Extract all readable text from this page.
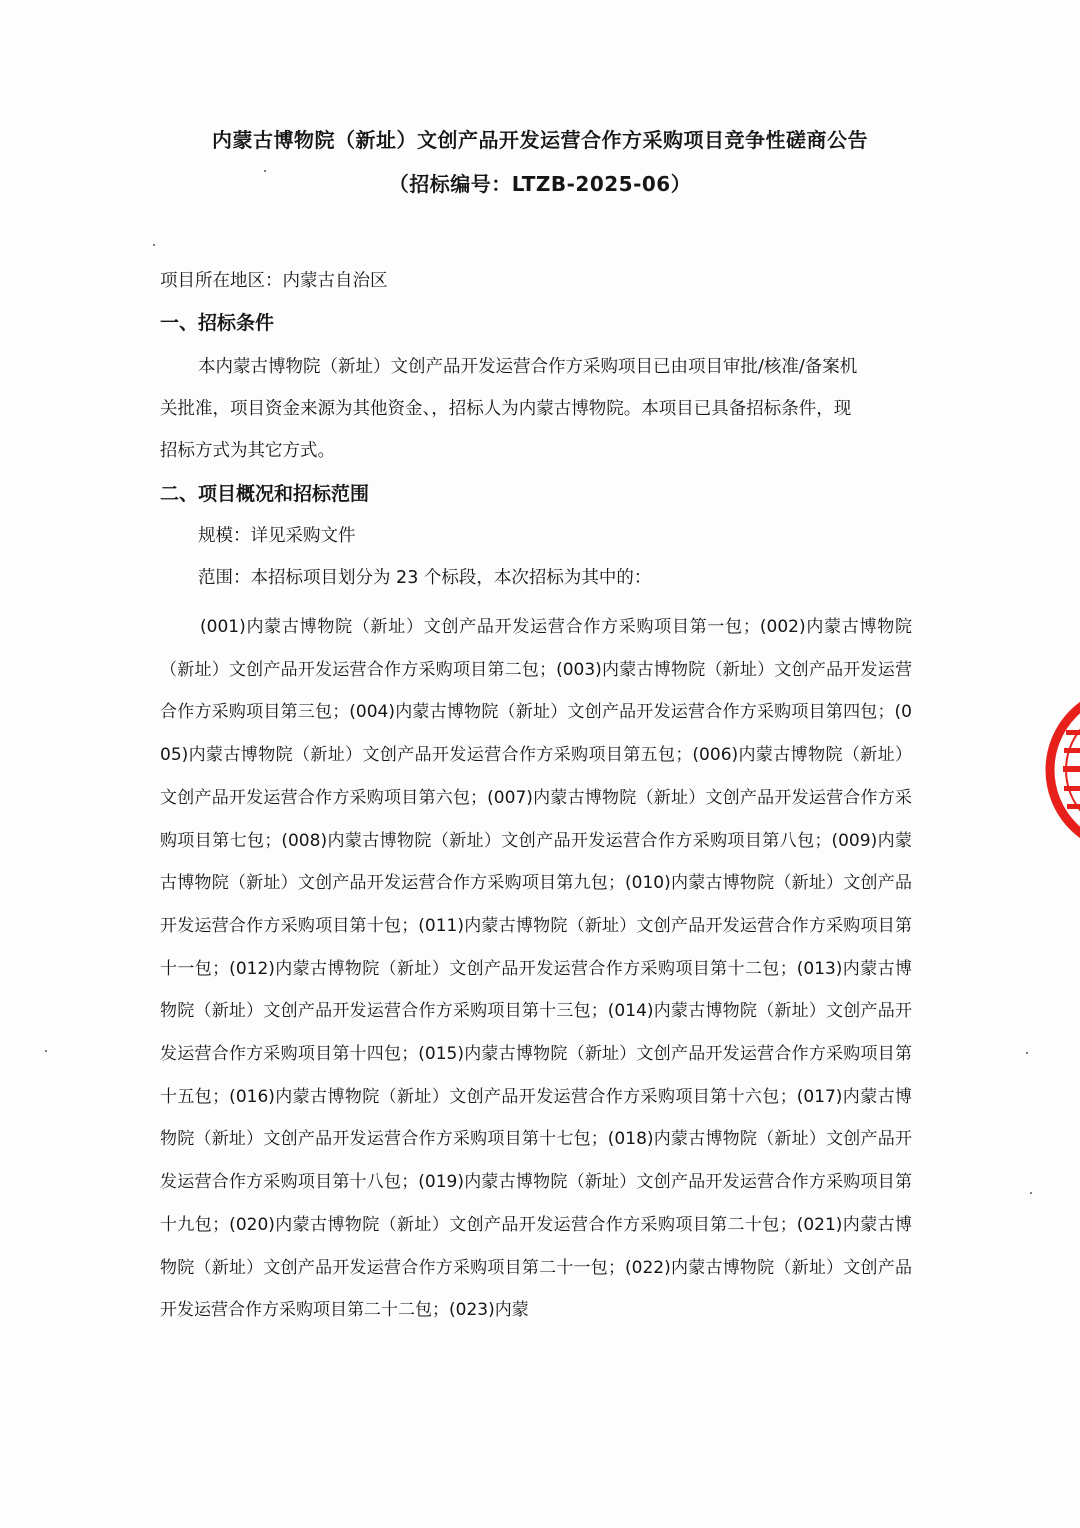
内蒙古博物院（新址）文创产品开发运营合作方采购项目竞争性磋商公告
（招标编号：LTZB-2025-06）
项目所在地区：内蒙古自治区
一、招标条件
本内蒙古博物院（新址）文创产品开发运营合作方采购项目已由项目审批/核准/备案机
关批准，项目资金来源为其他资金、，招标人为内蒙古博物院。本项目已具备招标条件，现
招标方式为其它方式。
二、项目概况和招标范围
规模：详见采购文件
范围：本招标项目划分为 23 个标段，本次招标为其中的：
(001)内蒙古博物院（新址）文创产品开发运营合作方采购项目第一包；(002)内蒙古博物院（新址）文创产品开发运营合作方采购项目第二包；(003)内蒙古博物院（新址）文创产品开发运营合作方采购项目第三包；(004)内蒙古博物院（新址）文创产品开发运营合作方采购项目第四包；(005)内蒙古博物院（新址）文创产品开发运营合作方采购项目第五包；(006)内蒙古博物院（新址）文创产品开发运营合作方采购项目第六包；(007)内蒙古博物院（新址）文创产品开发运营合作方采购项目第七包；(008)内蒙古博物院（新址）文创产品开发运营合作方采购项目第八包；(009)内蒙古博物院（新址）文创产品开发运营合作方采购项目第九包；(010)内蒙古博物院（新址）文创产品开发运营合作方采购项目第十包；(011)内蒙古博物院（新址）文创产品开发运营合作方采购项目第十一包；(012)内蒙古博物院（新址）文创产品开发运营合作方采购项目第十二包；(013)内蒙古博物院（新址）文创产品开发运营合作方采购项目第十三包；(014)内蒙古博物院（新址）文创产品开发运营合作方采购项目第十四包；(015)内蒙古博物院（新址）文创产品开发运营合作方采购项目第十五包；(016)内蒙古博物院（新址）文创产品开发运营合作方采购项目第十六包；(017)内蒙古博物院（新址）文创产品开发运营合作方采购项目第十七包；(018)内蒙古博物院（新址）文创产品开发运营合作方采购项目第十八包；(019)内蒙古博物院（新址）文创产品开发运营合作方采购项目第十九包；(020)内蒙古博物院（新址）文创产品开发运营合作方采购项目第二十包；(021)内蒙古博物院（新址）文创产品开发运营合作方采购项目第二十一包；(022)内蒙古博物院（新址）文创产品开发运营合作方采购项目第二十二包；(023)内蒙
